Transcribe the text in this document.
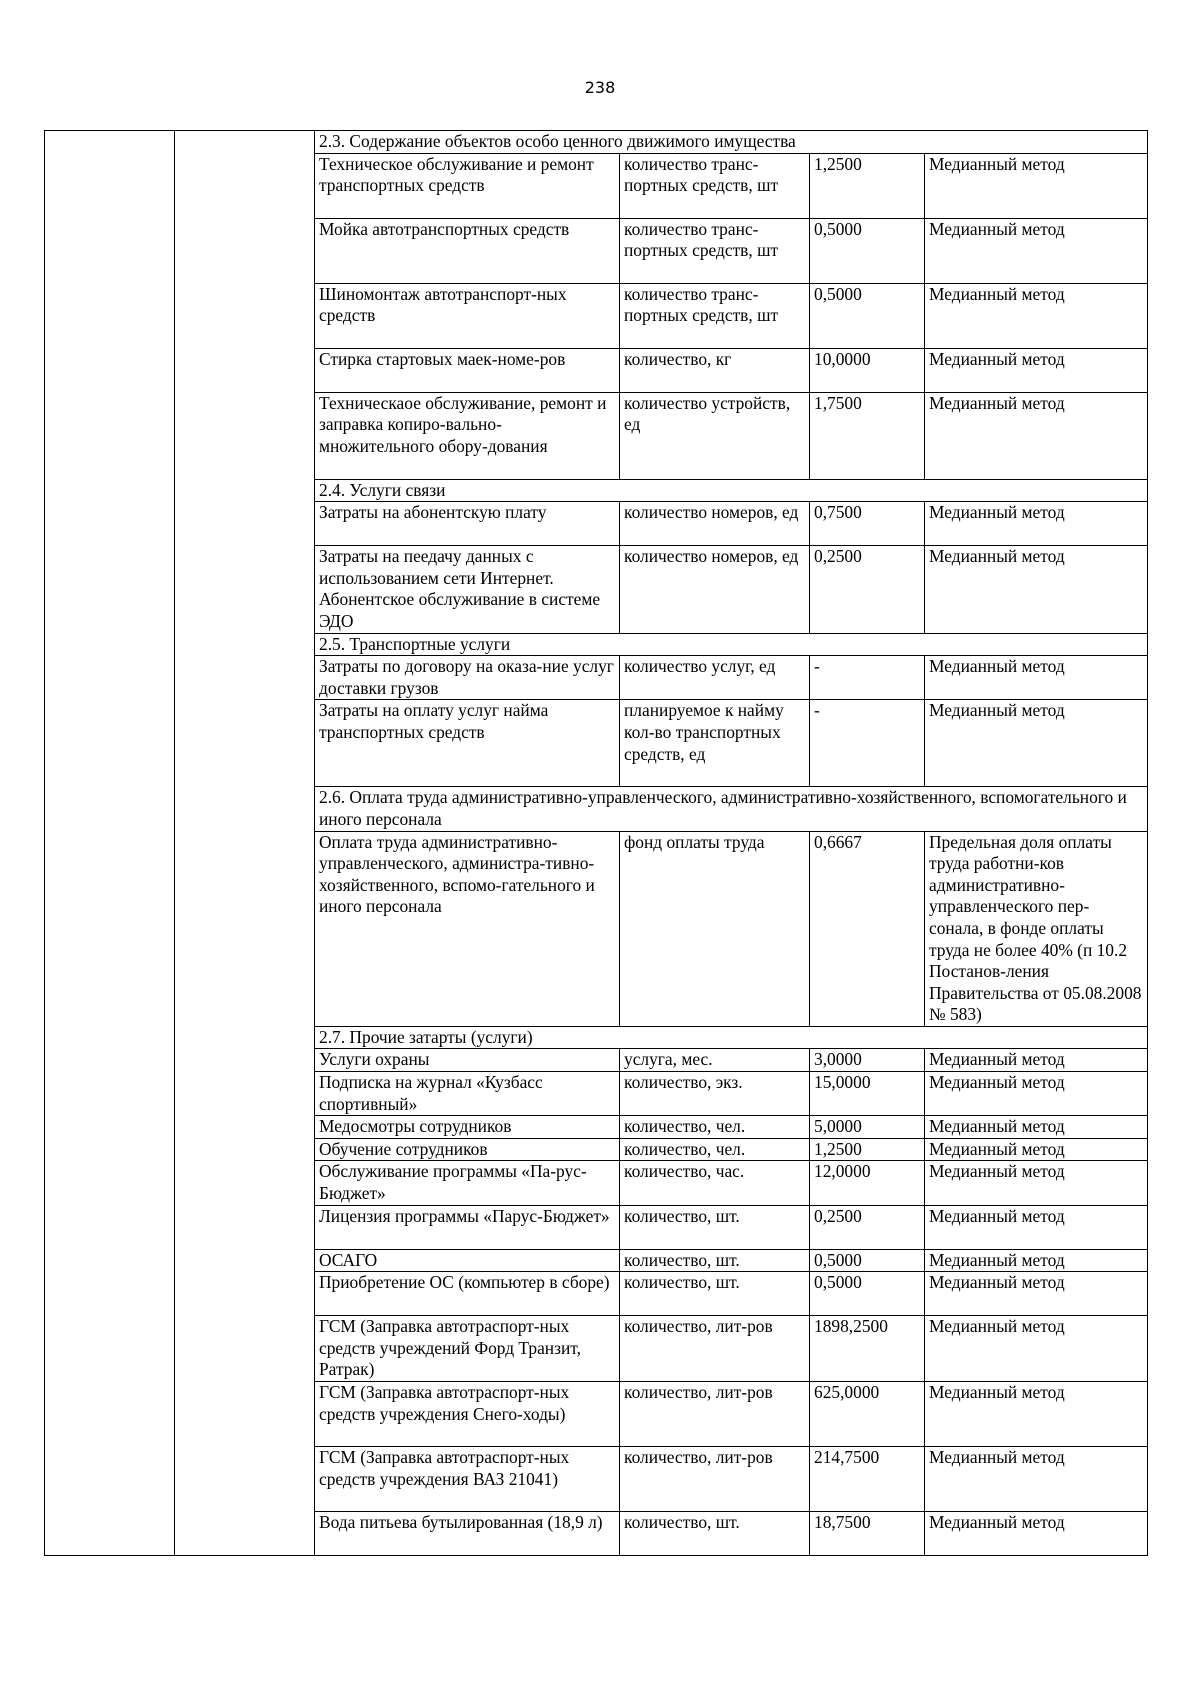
238
		2.3. Содержание объектов особо ценного движимого имущества			
		Техническое обслуживание и ремонт транспортных средств	количество транс-портных средств, шт	1,2500	Медианный метод
		Мойка автотранспортных средств	количество транс-портных средств, шт	0,5000	Медианный метод
		Шиномонтаж автотранспорт-ных средств	количество транс-портных средств, шт	0,5000	Медианный метод
		Стирка стартовых маек-номе-ров	количество, кг	10,0000	Медианный метод
		Техническаое обслуживание, ремонт и заправка копиро-вально-множительного обору-дования	количество устройств, ед	1,7500	Медианный метод
		2.4. Услуги связи			
		Затраты на абонентскую плату	количество номеров, ед	0,7500	Медианный метод
		Затраты на пеедачу данных с использованием сети Интернет. Абонентское обслуживание в системе ЭДО	количество номеров, ед	0,2500	Медианный метод
		2.5. Транспортные услуги			
		Затраты по договору на оказа-ние услуг доставки грузов	количество услуг, ед	-	Медианный метод
		Затраты на оплату услуг найма транспортных средств	планируемое к найму кол-во транспортных средств, ед	-	Медианный метод
		2.6. Оплата труда административно-управленческого, административно-хозяйственного, вспомогательного и иного персонала			
		Оплата труда административно-управленческого, администра-тивно-хозяйственного, вспомо-гательного и иного персонала	фонд оплаты труда	0,6667	Предельная доля оплаты труда работни-ков административно-управленческого пер-сонала, в фонде оплаты труда не более 40% (п 10.2 Постанов-ления Правительства от 05.08.2008 № 583)
		2.7. Прочие затарты (услуги)			
		Услуги охраны	услуга, мес.	3,0000	Медианный метод
		Подписка на журнал «Кузбасс спортивный»	количество, экз.	15,0000	Медианный метод
		Медосмотры сотрудников	количество, чел.	5,0000	Медианный метод
		Обучение сотрудников	количество, чел.	1,2500	Медианный метод
		Обслуживание программы «Па-рус-Бюджет»	количество, час.	12,0000	Медианный метод
		Лицензия программы «Парус-Бюджет»	количество, шт.	0,2500	Медианный метод
		ОСАГО	количество, шт.	0,5000	Медианный метод
		Приобретение ОС (компьютер в сборе)	количество, шт.	0,5000	Медианный метод
		ГСМ (Заправка автотраспорт-ных средств учреждений Форд Транзит, Ратрак)	количество, лит-ров	1898,2500	Медианный метод
		ГСМ (Заправка автотраспорт-ных средств учреждения Снего-ходы)	количество, лит-ров	625,0000	Медианный метод
		ГСМ (Заправка автотраспорт-ных средств учреждения ВАЗ 21041)	количество, лит-ров	214,7500	Медианный метод
		Вода питьева бутылированная (18,9 л)	количество, шт.	18,7500	Медианный метод
